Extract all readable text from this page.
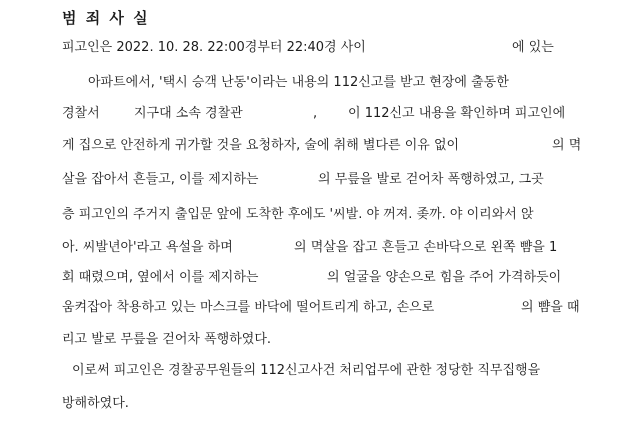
범 죄 사 실
피고인은 2022. 10. 28. 22:00경부터 22:40경 사이	에 있는
아파트에서, '택시 승객 난동'이라는 내용의 112신고를 받고 현장에 출동한
경찰서	지구대 소속 경찰관	, 이 112신고 내용을 확인하며 피고인에
게 집으로 안전하게 귀가할 것을 요청하자, 술에 취해 별다른 이유 없이	의 멱
살을 잡아서 흔들고, 이를 제지하는	의 무릎을 발로 걷어차 폭행하였고, 그곳
층 피고인의 주거지 출입문 앞에 도착한 후에도 '씨발. 야 꺼져. 좆까. 야 이리와서 앉
아. 씨발년아'라고 욕설을 하며	의 멱살을 잡고 흔들고 손바닥으로 왼쪽 뺨을 1
회 때렸으며, 옆에서 이를 제지하는	의 얼굴을 양손으로 힘을 주어 가격하듯이
움켜잡아 착용하고 있는 마스크를 바닥에 떨어트리게 하고, 손으로	의 뺨을 때
리고 발로 무릎을 걷어차 폭행하였다.
이로써 피고인은 경찰공무원들의 112신고사건 처리업무에 관한 정당한 직무집행을
방해하였다.
